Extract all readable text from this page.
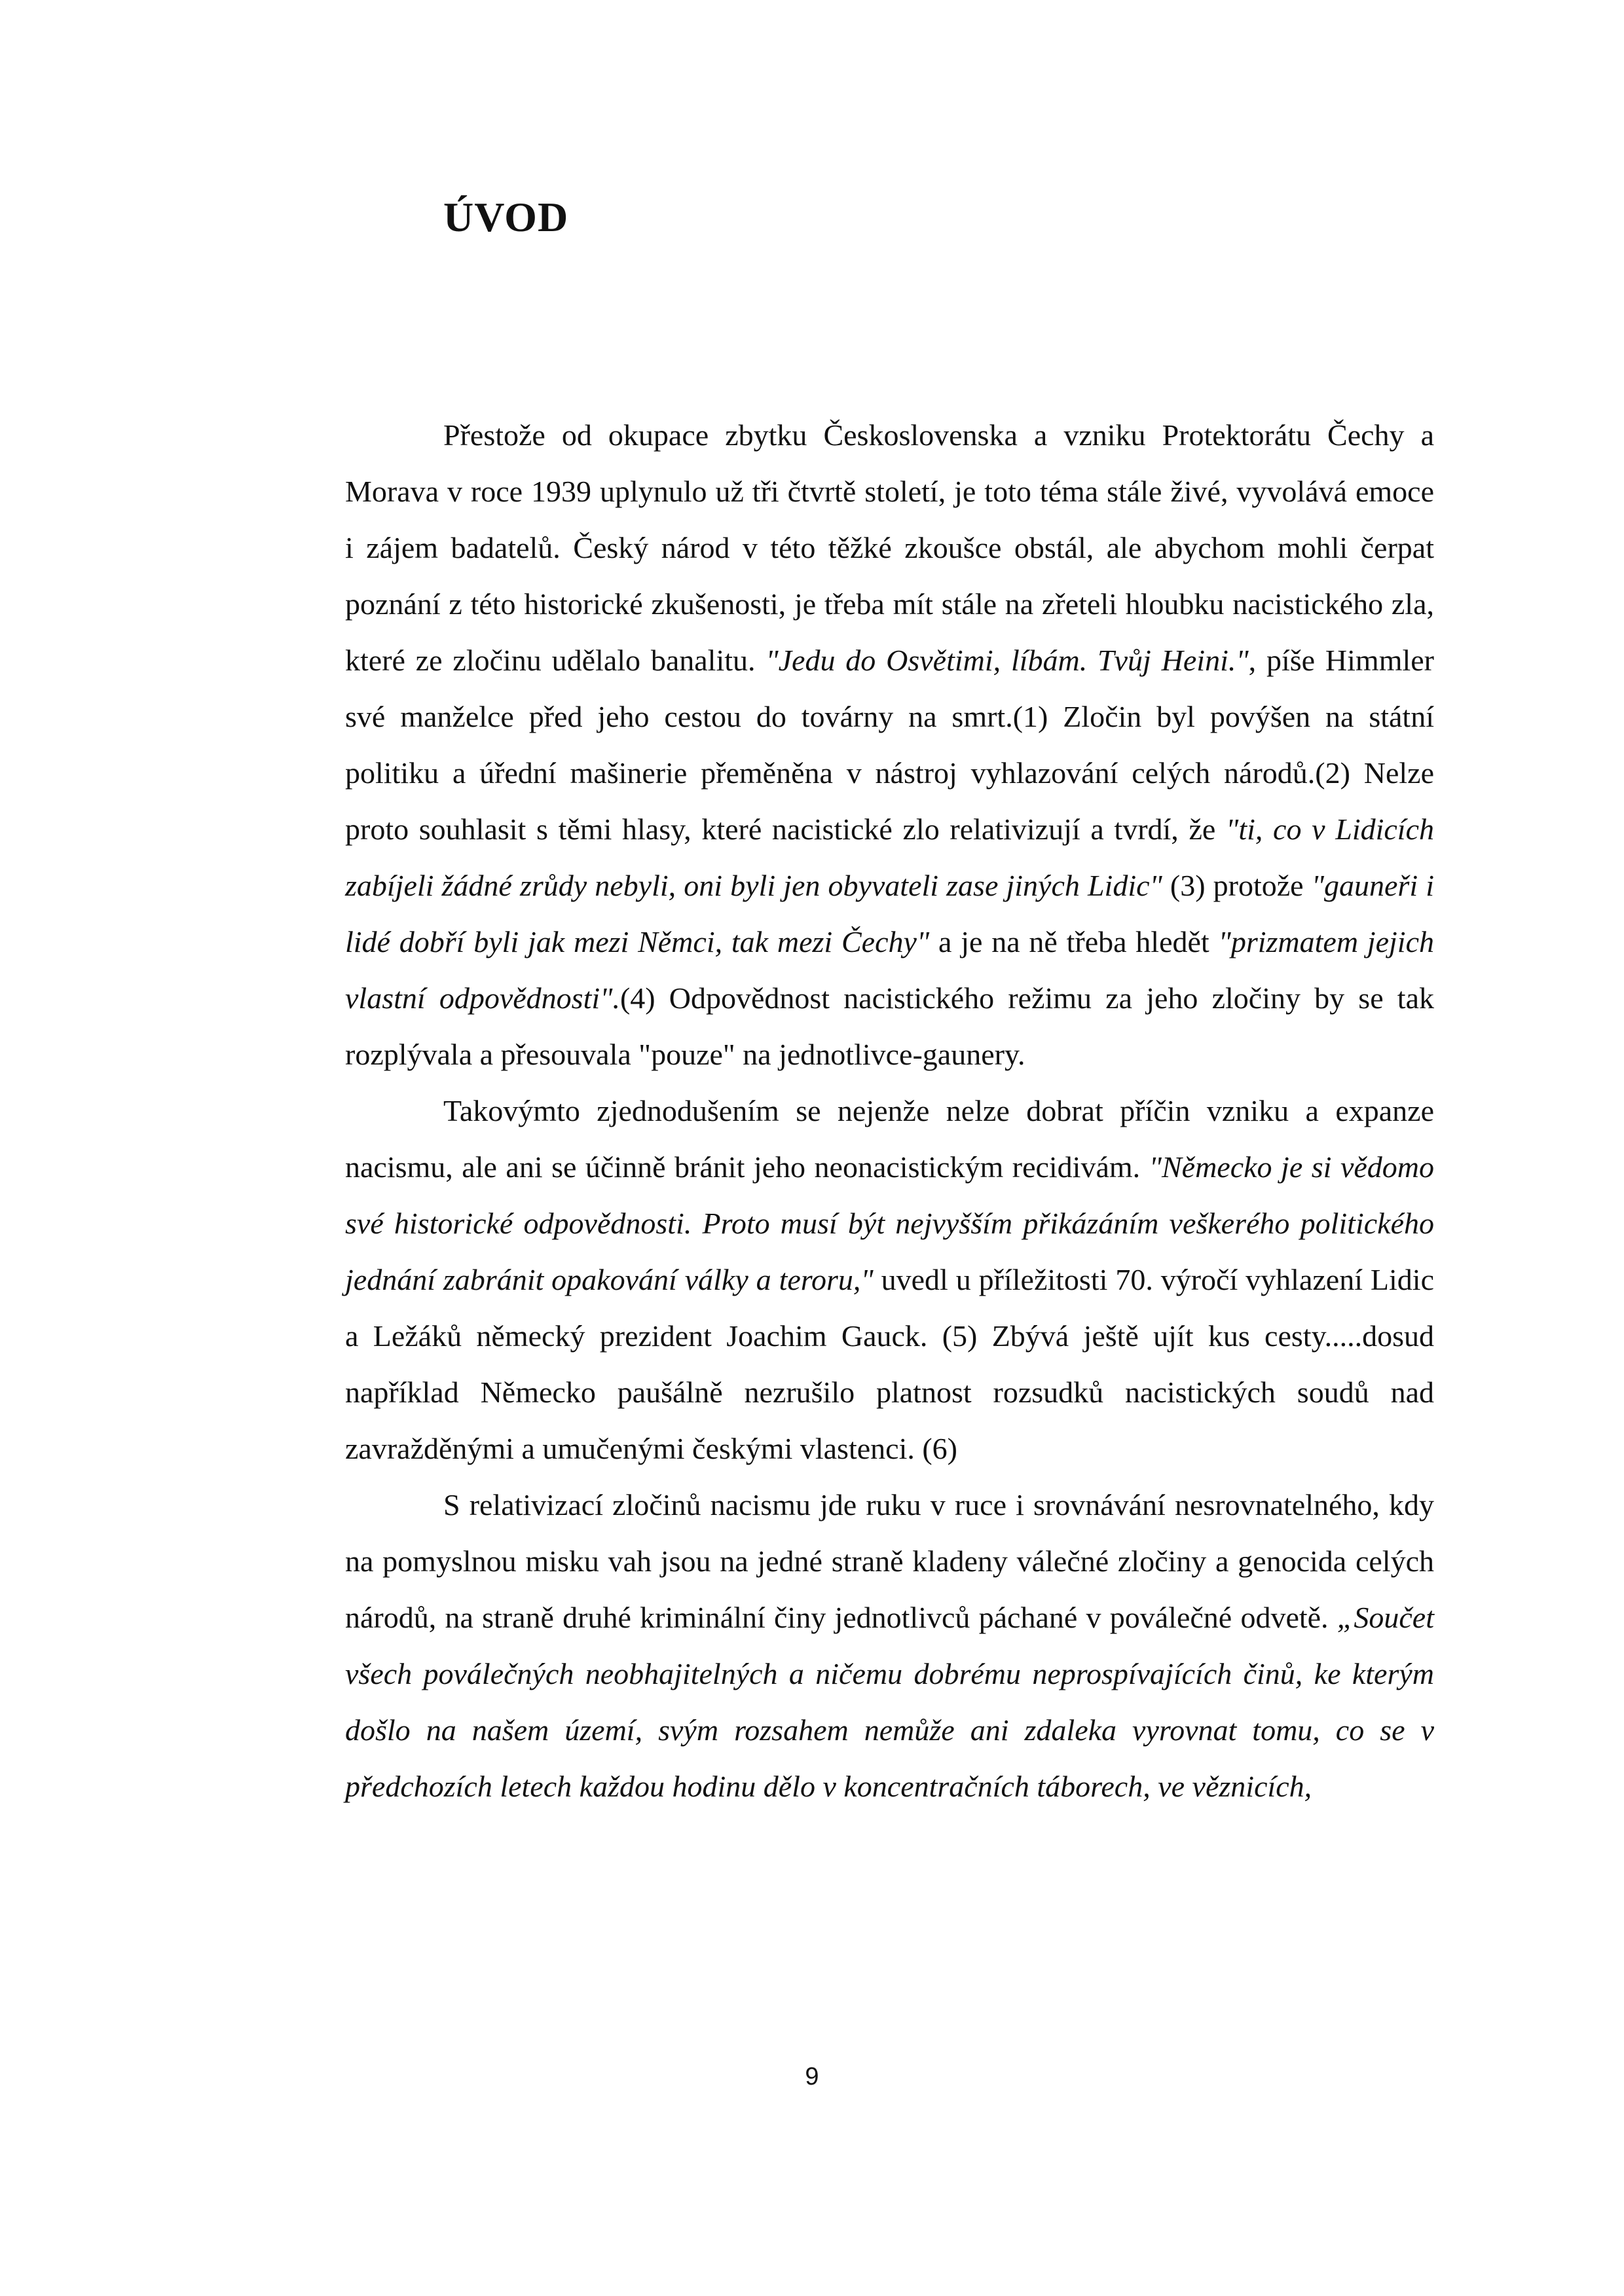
ÚVOD

Přestože od okupace zbytku Československa a vzniku Protektorátu Čechy a Morava v roce 1939 uplynulo už tři čtvrtě století, je toto téma stále živé, vyvolává emoce i zájem badatelů. Český národ v této těžké zkoušce obstál, ale abychom mohli čerpat poznání z této historické zkušenosti, je třeba mít stále na zřeteli hloubku nacistického zla, které ze zločinu udělalo banalitu. "Jedu do Osvětimi, líbám. Tvůj Heini.", píše Himmler své manželce před jeho cestou do továrny na smrt.(1) Zločin byl povýšen na státní politiku a úřední mašinerie přeměněna v nástroj vyhlazování celých národů.(2) Nelze proto souhlasit s těmi hlasy, které nacistické zlo relativizují a tvrdí, že "ti, co v Lidicích zabíjeli žádné zrůdy nebyli, oni byli jen obyvateli zase jiných Lidic" (3) protože "gauneři i lidé dobří byli jak mezi Němci, tak mezi Čechy" a je na ně třeba hledět "prizmatem jejich vlastní odpovědnosti".(4) Odpovědnost nacistického režimu za jeho zločiny by se tak rozplývala a přesouvala "pouze" na jednotlivce-gaunery.

Takovýmto zjednodušením se nejenže nelze dobrat příčin vzniku a expanze nacismu, ale ani se účinně bránit jeho neonacistickým recidivám. "Německo je si vědomo své historické odpovědnosti. Proto musí být nejvyšším přikázáním veškerého politického jednání zabránit opakování války a teroru," uvedl u příležitosti 70. výročí vyhlazení Lidic a Ležáků německý prezident Joachim Gauck. (5) Zbývá ještě ujít kus cesty.....dosud například Německo paušálně nezrušilo platnost rozsudků nacistických soudů nad zavražděnými a umučenými českými vlastenci. (6)

S relativizací zločinů nacismu jde ruku v ruce i srovnávání nesrovnatelného, kdy na pomyslnou misku vah jsou na jedné straně kladeny válečné zločiny a genocida celých národů, na straně druhé kriminální činy jednotlivců páchané v poválečné odvetě. „Součet všech poválečných neobhajitelných a ničemu dobrému neprospívajících činů, ke kterým došlo na našem území, svým rozsahem nemůže ani zdaleka vyrovnat tomu, co se v předchozích letech každou hodinu dělo v koncentračních táborech, ve věznicích,

9
